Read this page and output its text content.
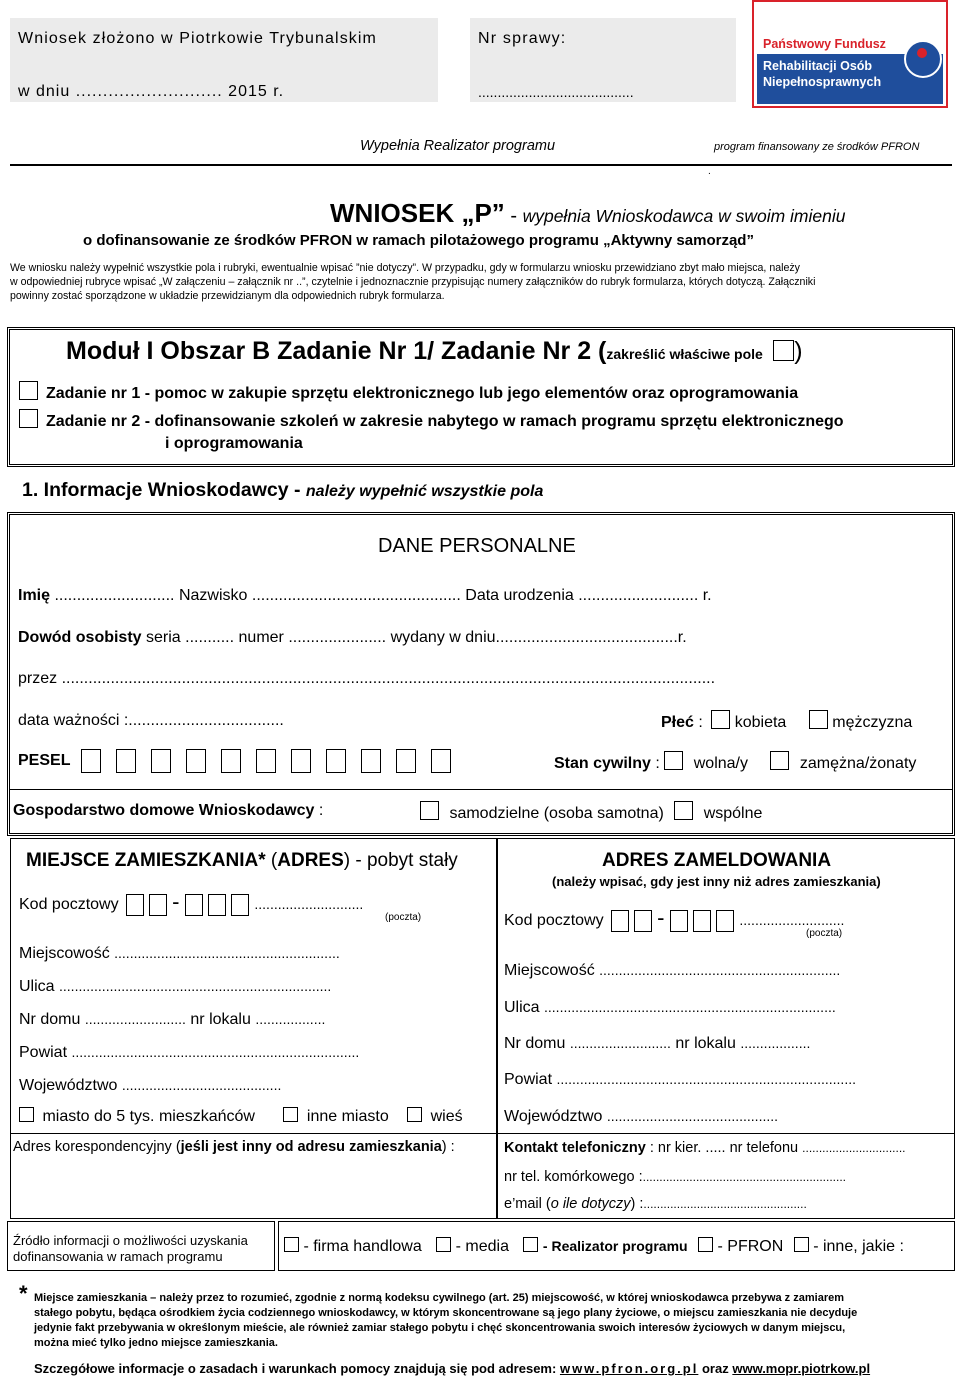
Wniosek złożono w Piotrkowie Trybunalskim
w dniu ........................... 2015 r.
Nr sprawy:
........................................
Państwowy Fundusz
Rehabilitacji Osób
Niepełnosprawnych
Wypełnia Realizator programu	program finansowany ze środków PFRON
.
WNIOSEK „P” - wypełnia Wnioskodawca w swoim imieniu
o dofinansowanie ze środków PFRON w ramach pilotażowego programu „Aktywny samorząd”
We wniosku należy wypełnić wszystkie pola i rubryki, ewentualnie wpisać ”nie dotyczy”. W przypadku, gdy w formularzu wniosku przewidziano zbyt mało miejsca, należy
w odpowiedniej rubryce wpisać „W załączeniu – załącznik nr ..”, czytelnie i jednoznacznie przypisując numery załączników do rubryk formularza, których dotyczą. Załączniki
powinny zostać sporządzone w układzie przewidzianym dla odpowiednich rubryk formularza.
Moduł I Obszar B Zadanie Nr 1/ Zadanie Nr 2 (zakreślić właściwe pole )
Zadanie nr 1 - pomoc w zakupie sprzętu elektronicznego lub jego elementów oraz oprogramowania
Zadanie nr 2 - dofinansowanie szkoleń w zakresie nabytego w ramach programu sprzętu elektronicznego
i oprogramowania
1. Informacje Wnioskodawcy - należy wypełnić wszystkie pola
DANE PERSONALNE
Imię ........................... Nazwisko ............................................... Data urodzenia ........................... r.
Dowód osobisty seria ........... numer ...................... wydany w dniu.........................................r.
przez ...................................................................................................................................................
data ważności :...................................	Płeć : kobieta	mężczyzna
PESEL	Stan cywilny : wolna/y	zamężna/żonaty
Gospodarstwo domowe Wnioskodawcy :	samodzielne (osoba samotna) wspólne
MIEJSCE ZAMIESZKANIA* (ADRES) - pobyt stały
Kod pocztowy -	............................
(poczta)
Miejscowość ..........................................................
Ulica ......................................................................
Nr domu .......................... nr lokalu ..................
Powiat ..........................................................................
Województwo .........................................
miasto do 5 tys. mieszkańców	inne miasto	wieś
ADRES ZAMELDOWANIA
(należy wpisać, gdy jest inny niż adres zamieszkania)
Kod pocztowy -	...........................
(poczta)
Miejscowość ..............................................................
Ulica ...........................................................................
Nr domu .......................... nr lokalu ..................
Powiat .............................................................................
Województwo ............................................
Adres korespondencyjny (jeśli jest inny od adresu zamieszkania) :	Kontakt telefoniczny : nr kier. ..... nr telefonu ...............................
nr tel. komórkowego :.............................................................
e’mail (o ile dotyczy) :.................................................
Źródło informacji o możliwości uzyskania
dofinansowania w ramach programu
- firma handlowa - media - Realizator programu - PFRON - inne, jakie :
* Miejsce zamieszkania – należy przez to rozumieć, zgodnie z normą kodeksu cywilnego (art. 25) miejscowość, w której wnioskodawca przebywa z zamiarem
stałego pobytu, będąca ośrodkiem życia codziennego wnioskodawcy, w którym skoncentrowane są jego plany życiowe, o miejscu zamieszkania nie decyduje
jedynie fakt przebywania w określonym mieście, ale również zamiar stałego pobytu i chęć skoncentrowania swoich interesów życiowych w danym miejscu,
można mieć tylko jedno miejsce zamieszkania.
Szczegółowe informacje o zasadach i warunkach pomocy znajdują się pod adresem: www.pfron.org.pl oraz www.mopr.piotrkow.pl
